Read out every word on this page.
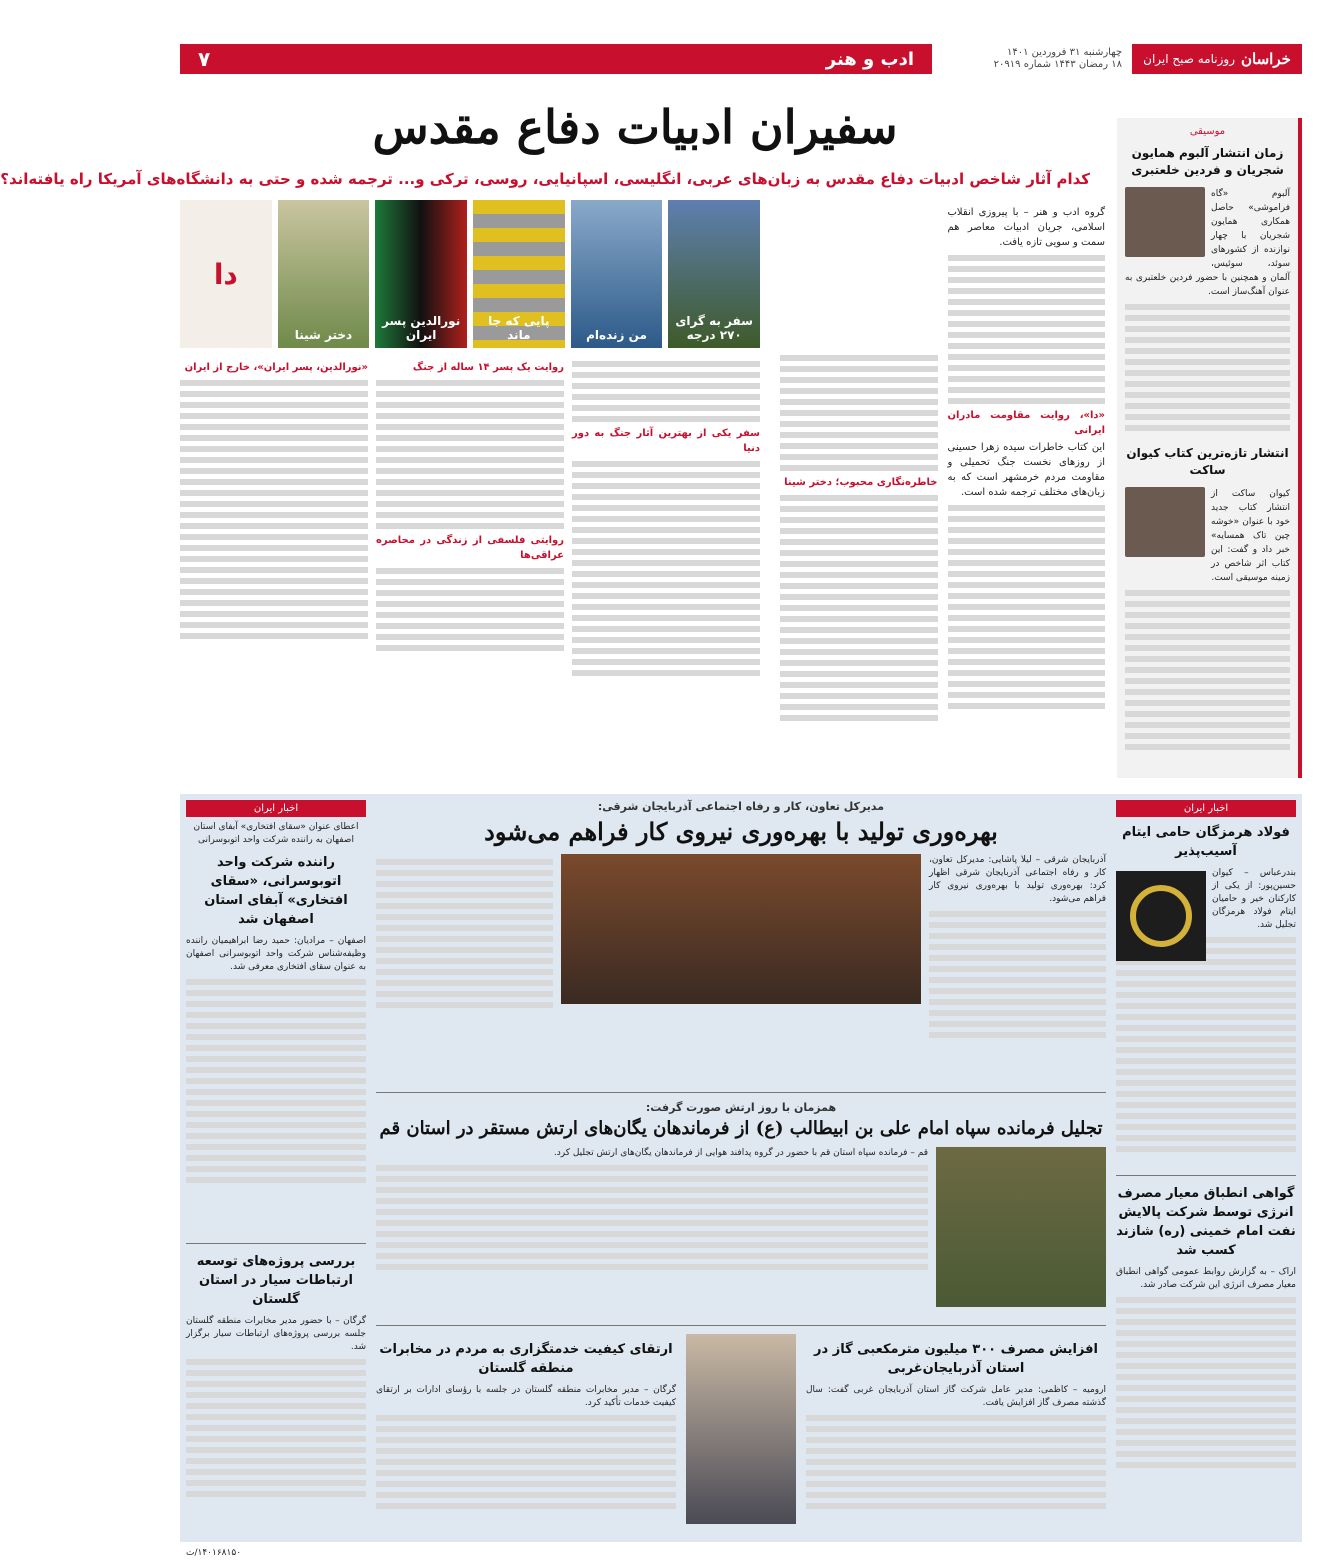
خراسان
روزنامه صبح ایران
چهارشنبه ۳۱ فروردین ۱۴۰۱
۱۸ رمضان ۱۴۴۳ شماره ۲۰۹۱۹
ادب و هنر
۷
سفیران ادبیات دفاع مقدس
کدام آثار شاخص ادبیات دفاع مقدس به زبان‌های عربی، انگلیسی، اسپانیایی، روسی، ترکی و... ترجمه شده و حتی به دانشگاه‌های آمریکا راه یافته‌اند؟
موسیقی
زمان انتشار آلبوم همایون شجریان و فردین خلعتبری
آلبوم «گاه فراموشی» حاصل همکاری همایون شجریان با چهار نوازنده از کشورهای سوئد، سوئیس، آلمان و همچنین با حضور فردین خلعتبری به عنوان آهنگ‌ساز است.
انتشار تازه‌ترین کتاب کیوان ساکت
کیوان ساکت از انتشار کتاب جدید خود با عنوان «خوشه چین تاک همسایه» خبر داد و گفت: این کتاب اثر شاخص در زمینه موسیقی است.
سفر به گرای ۲۷۰ درجه
من زنده‌ام
پایی که جا ماند
نورالدین پسر ایران
دختر شینا
دا
گروه ادب و هنر – با پیروزی انقلاب اسلامی، جریان ادبیات معاصر هم سمت و سویی تازه یافت.
«دا»، روایت مقاومت مادران ایرانی
این کتاب خاطرات سیده زهرا حسینی از روزهای نخست جنگ تحمیلی و مقاومت مردم خرمشهر است که به زبان‌های مختلف ترجمه شده است.
خاطره‌نگاری محبوب؛ دختر شینا
سفر یکی از بهترین آثار جنگ به دور دنیا
روایت یک پسر ۱۴ ساله از جنگ
روایتی فلسفی از زندگی در محاصره عراقی‌ها
«نورالدین، پسر ایران»، خارج از ایران
اخبار ایران
فولاد هرمزگان حامی ایتام آسیب‌پذیر
بندرعباس – کیوان حسین‌پور: از یکی از کارکنان خیر و حامیان ایتام فولاد هرمزگان تجلیل شد.
گواهی انطباق معیار مصرف انرژی توسط شرکت پالایش نفت امام خمینی (ره) شازند کسب شد
اراک – به گزارش روابط عمومی گواهی انطباق معیار مصرف انرژی این شرکت صادر شد.
مدیرکل تعاون، کار و رفاه اجتماعی آذربایجان شرقی:
بهره‌وری تولید با بهره‌وری نیروی کار فراهم می‌شود
آذربایجان شرقی – لیلا پاشایی: مدیرکل تعاون، کار و رفاه اجتماعی آذربایجان شرقی اظهار کرد: بهره‌وری تولید با بهره‌وری نیروی کار فراهم می‌شود.
همزمان با روز ارتش صورت گرفت:
تجلیل فرمانده سپاه امام علی بن ابیطالب (ع) از فرماندهان یگان‌های ارتش مستقر در استان قم
قم – فرمانده سپاه استان قم با حضور در گروه پدافند هوایی از فرماندهان یگان‌های ارتش تجلیل کرد.
افزایش مصرف ۳۰۰ میلیون مترمکعبی گاز در استان آذربایجان‌غربی
ارومیه – کاظمی: مدیر عامل شرکت گاز استان آذربایجان غربی گفت: سال گذشته مصرف گاز افزایش یافت.
ارتقای کیفیت خدمتگزاری به مردم در مخابرات منطقه گلستان
گرگان – مدیر مخابرات منطقه گلستان در جلسه با رؤسای ادارات بر ارتقای کیفیت خدمات تأکید کرد.
اخبار ایران
اعطای عنوان «سقای افتخاری» آبفای استان اصفهان به راننده شرکت واحد اتوبوسرانی
راننده شرکت واحد اتوبوسرانی، «سقای افتخاری» آبفای استان اصفهان شد
اصفهان – مرادیان: حمید رضا ابراهیمیان راننده وظیفه‌شناس شرکت واحد اتوبوسرانی اصفهان به عنوان سقای افتخاری معرفی شد.
بررسی پروژه‌های توسعه ارتباطات سیار در استان گلستان
گرگان – با حضور مدیر مخابرات منطقه گلستان جلسه بررسی پروژه‌های ارتباطات سیار برگزار شد.
۱۴۰۱۶۸۱۵۰/ت
